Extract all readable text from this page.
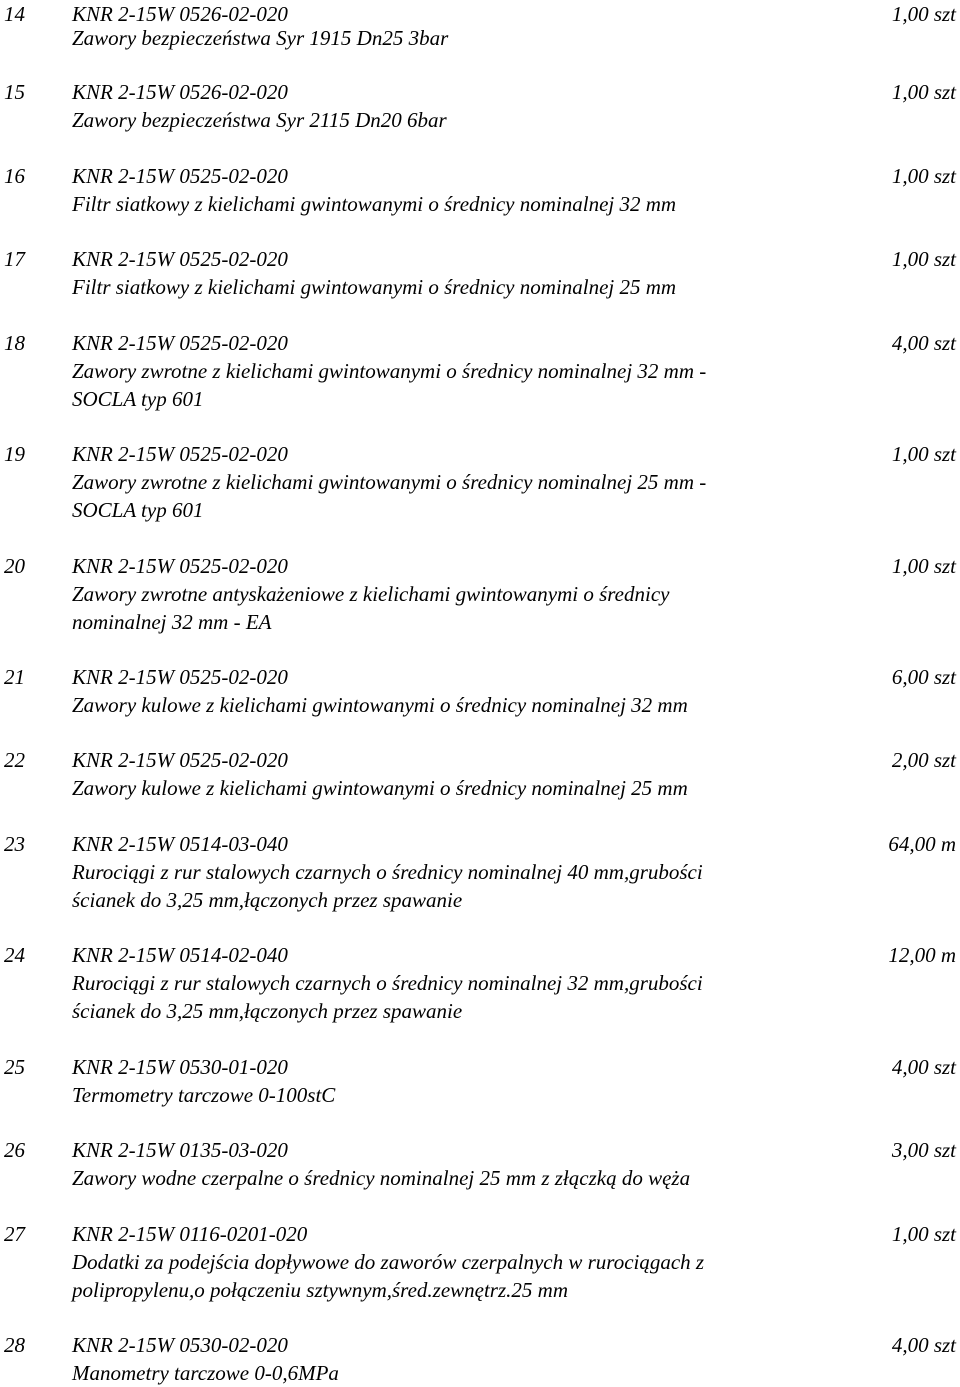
14 KNR 2-15W 0526-02-020	1,00 szt
Zawory bezpieczeństwa Syr 1915 Dn25 3bar
15 KNR 2-15W 0526-02-020	1,00 szt
Zawory bezpieczeństwa Syr 2115 Dn20 6bar
16 KNR 2-15W 0525-02-020	1,00 szt
Filtr siatkowy z kielichami gwintowanymi o średnicy nominalnej 32 mm
17 KNR 2-15W 0525-02-020	1,00 szt
Filtr siatkowy z kielichami gwintowanymi o średnicy nominalnej 25 mm
18 KNR 2-15W 0525-02-020	4,00 szt
Zawory zwrotne z kielichami gwintowanymi o średnicy nominalnej 32 mm -
SOCLA typ 601
19 KNR 2-15W 0525-02-020	1,00 szt
Zawory zwrotne z kielichami gwintowanymi o średnicy nominalnej 25 mm -
SOCLA typ 601
20 KNR 2-15W 0525-02-020	1,00 szt
Zawory zwrotne antyskażeniowe z kielichami gwintowanymi o średnicy
nominalnej 32 mm - EA
21 KNR 2-15W 0525-02-020	6,00 szt
Zawory kulowe z kielichami gwintowanymi o średnicy nominalnej 32 mm
22 KNR 2-15W 0525-02-020	2,00 szt
Zawory kulowe z kielichami gwintowanymi o średnicy nominalnej 25 mm
23 KNR 2-15W 0514-03-040	64,00 m
Rurociągi z rur stalowych czarnych o średnicy nominalnej 40 mm,grubości
ścianek do 3,25 mm,łączonych przez spawanie
24 KNR 2-15W 0514-02-040	12,00 m
Rurociągi z rur stalowych czarnych o średnicy nominalnej 32 mm,grubości
ścianek do 3,25 mm,łączonych przez spawanie
25 KNR 2-15W 0530-01-020	4,00 szt
Termometry tarczowe 0-100stC
26 KNR 2-15W 0135-03-020	3,00 szt
Zawory wodne czerpalne o średnicy nominalnej 25 mm z złączką do węża
27 KNR 2-15W 0116-0201-020	1,00 szt
Dodatki za podejścia dopływowe do zaworów czerpalnych w rurociągach z
polipropylenu,o połączeniu sztywnym,śred.zewnętrz.25 mm
28 KNR 2-15W 0530-02-020	4,00 szt
Manometry tarczowe 0-0,6MPa
